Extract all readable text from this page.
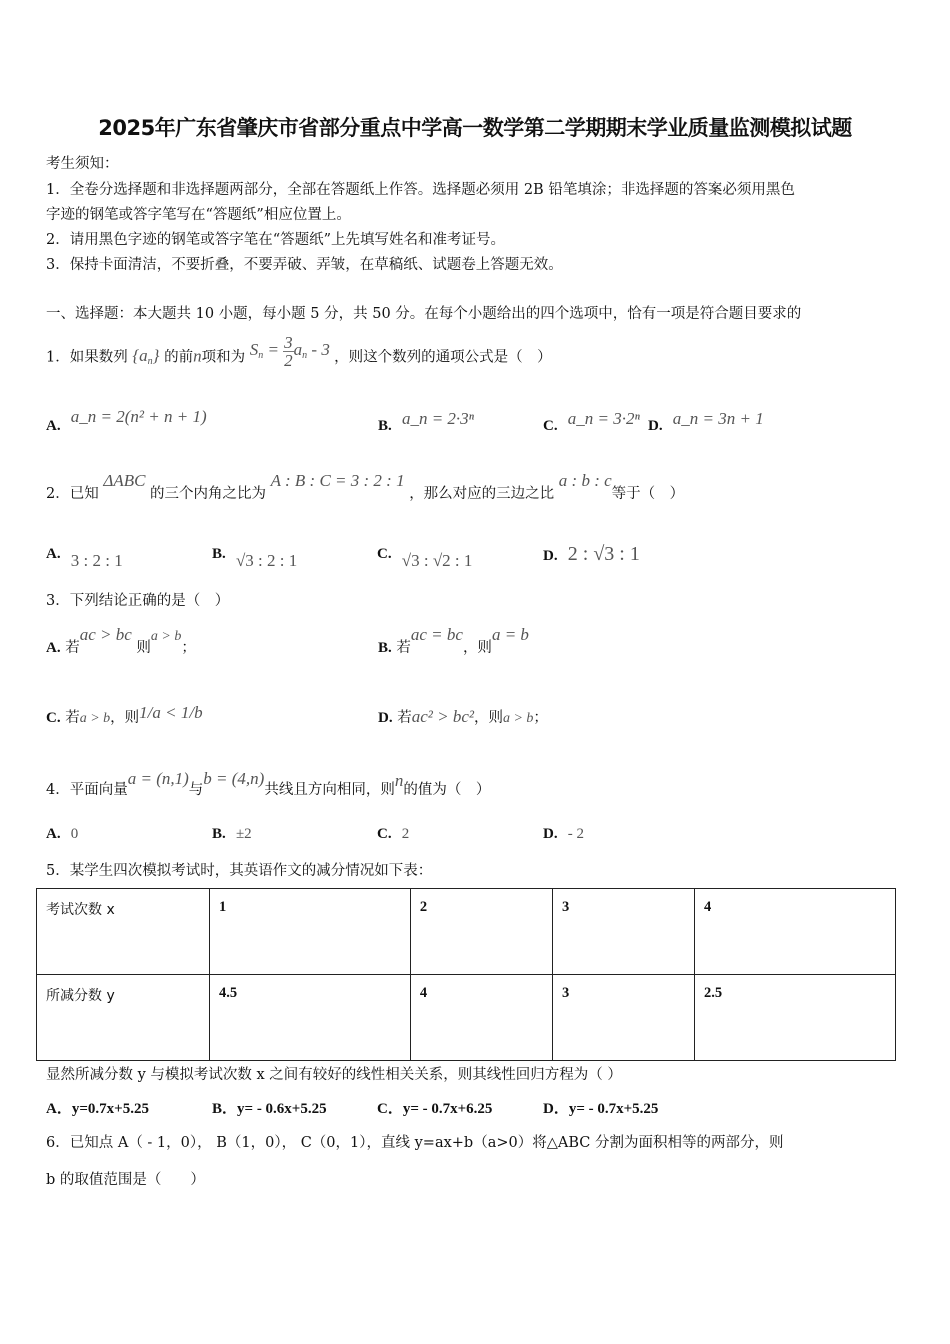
2025年广东省肇庆市省部分重点中学高一数学第二学期期末学业质量监测模拟试题
考生须知：
1．全卷分选择题和非选择题两部分，全部在答题纸上作答。选择题必须用 2B 铅笔填涂；非选择题的答案必须用黑色
字迹的钢笔或答字笔写在“答题纸”相应位置上。
2．请用黑色字迹的钢笔或答字笔在“答题纸”上先填写姓名和准考证号。
3．保持卡面清洁，不要折叠，不要弄破、弄皱，在草稿纸、试题卷上答题无效。
一、选择题：本大题共 10 小题，每小题 5 分，共 50 分。在每个小题给出的四个选项中，恰有一项是符合题目要求的
1．如果数列 $\{a_n\}$ 的前n项和为 $S_n = \frac{3}{2} a_n - 3$ ，则这个数列的通项公式是（　）
A. a_n = 2(n² + n + 1)	B. a_n = 2·3ⁿ	C. a_n = 3·2ⁿ D. a_n = 3n + 1
2．已知 ΔABC 的三个内角之比为 A : B : C = 3 : 2 : 1 ，那么对应的三边之比 a : b : c等于（　）
A. 3 : 2 : 1	B. √3 : 2 : 1	C. √3 : √2 : 1	D. 2 : √3 : 1
3．下列结论正确的是（　）
A. 若ac > bc 则a > b；	B. 若ac = bc，则a = b
C. 若a > b，则1/a < 1/b	D. 若ac² > bc²，则a > b；
4．平面向量a = (n,1)与b = (4,n)共线且方向相同，则n的值为（　）
A. 0	B. ±2	C. 2	D. - 2
5．某学生四次模拟考试时，其英语作文的减分情况如下表：
考试次数 x	1	2	3	4
所减分数 y	4.5	4	3	2.5
显然所减分数 y 与模拟考试次数 x 之间有较好的线性相关关系，则其线性回归方程为（ ）
A．y=0.7x+5.25	B．y= - 0.6x+5.25	C．y= - 0.7x+6.25	D．y= - 0.7x+5.25
6．已知点 A（ - 1，0）， B（1，0）， C（0，1），直线 y=ax+b（a>0）将△ABC 分割为面积相等的两部分，则
b 的取值范围是（　　）
